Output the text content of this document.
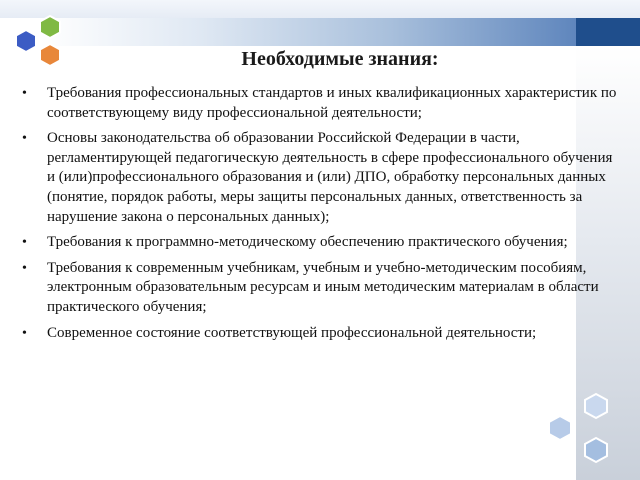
Необходимые знания:
• Требования профессиональных стандартов и иных квалификационных характеристик по соответствующему виду профессиональной деятельности;
• Основы законодательства об образовании Российской Федерации в части, регламентирующей педагогическую деятельность в сфере профессионального обучения и (или)профессионального образования и (или) ДПО, обработку персональных данных (понятие, порядок работы, меры защиты персональных данных, ответственность за нарушение закона о персональных данных);
• Требования к программно-методическому обеспечению практического обучения;
• Требования к современным учебникам, учебным и учебно-методическим пособиям, электронным образовательным ресурсам и иным методическим материалам в области практического обучения;
• Современное состояние соответствующей профессиональной деятельности;
